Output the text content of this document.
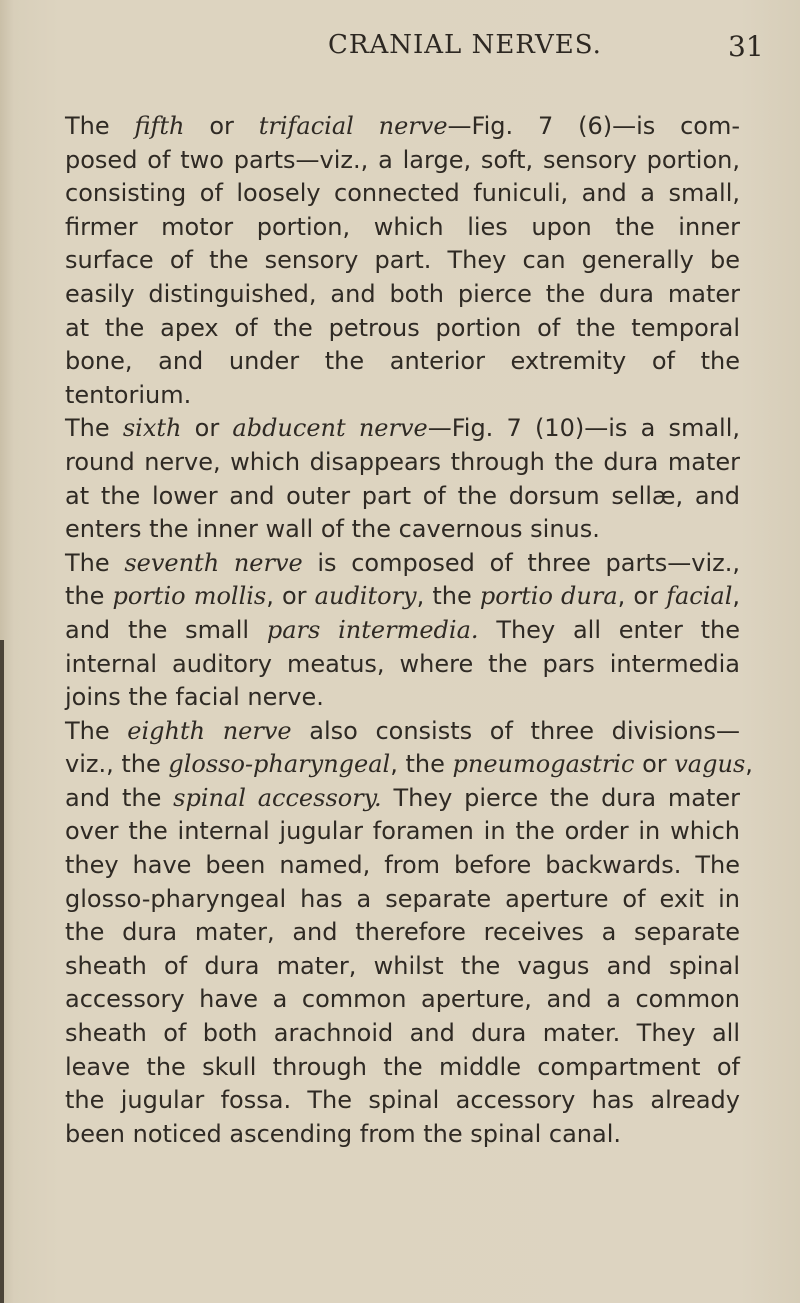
CRANIAL NERVES.	31

The fifth or trifacial nerve—Fig. 7 (6)—is com-
posed of two parts—viz., a large, soft, sensory portion,
consisting of loosely connected funiculi, and a small,
firmer motor portion, which lies upon the inner
surface of the sensory part. They can generally be
easily distinguished, and both pierce the dura mater
at the apex of the petrous portion of the temporal
bone, and under the anterior extremity of the
tentorium.

The sixth or abducent nerve—Fig. 7 (10)—is a small,
round nerve, which disappears through the dura mater
at the lower and outer part of the dorsum sellæ, and
enters the inner wall of the cavernous sinus.

The seventh nerve is composed of three parts—viz.,
the portio mollis, or auditory, the portio dura, or facial,
and the small pars intermedia. They all enter the
internal auditory meatus, where the pars intermedia
joins the facial nerve.

The eighth nerve also consists of three divisions—
viz., the glosso-pharyngeal, the pneumogastric or vagus,
and the spinal accessory. They pierce the dura mater
over the internal jugular foramen in the order in which
they have been named, from before backwards. The
glosso-pharyngeal has a separate aperture of exit in
the dura mater, and therefore receives a separate
sheath of dura mater, whilst the vagus and spinal
accessory have a common aperture, and a common
sheath of both arachnoid and dura mater. They all
leave the skull through the middle compartment of
the jugular fossa. The spinal accessory has already
been noticed ascending from the spinal canal.
